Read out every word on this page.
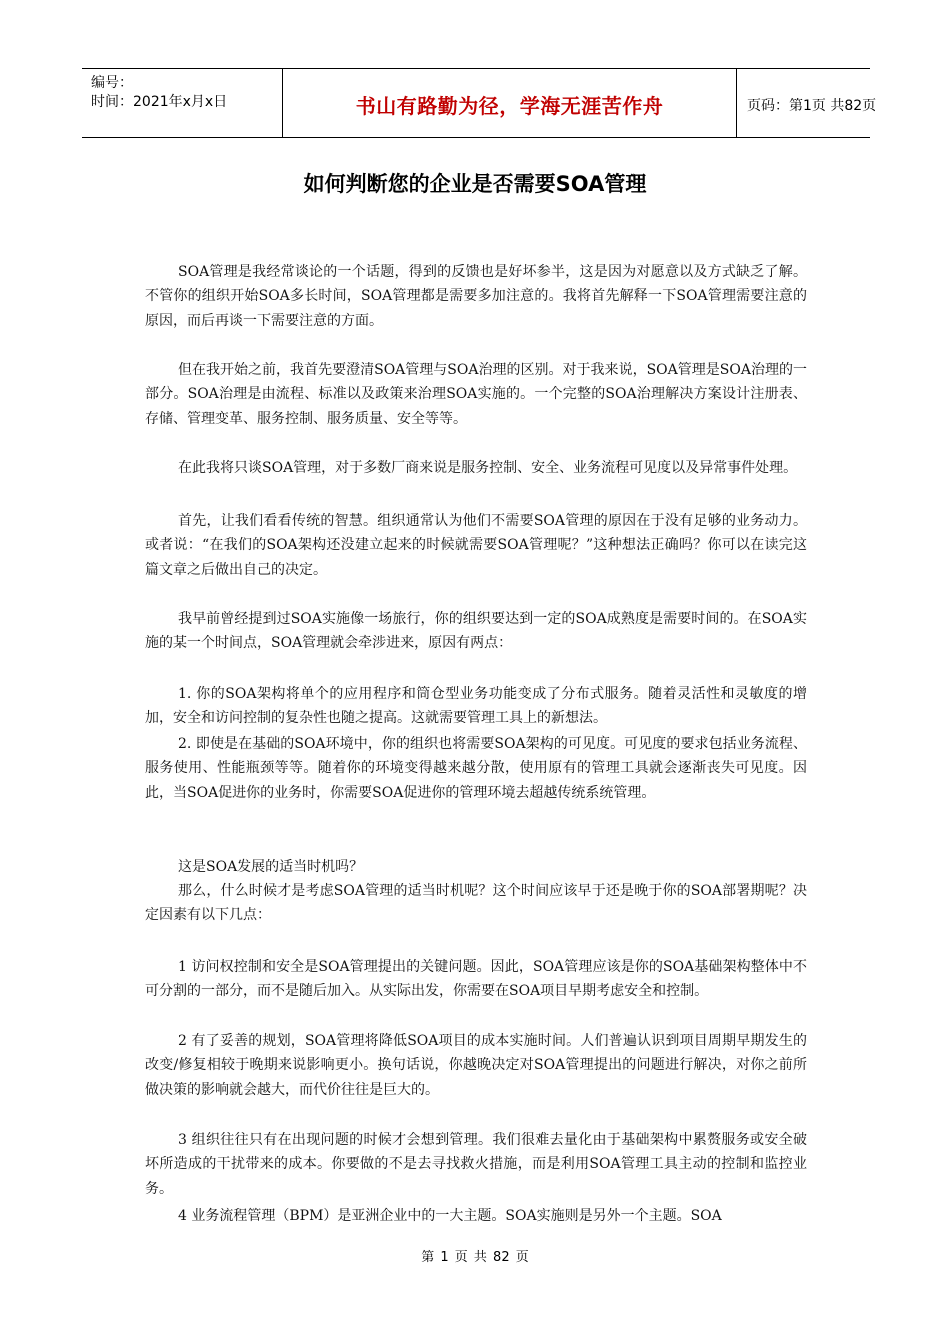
编号：
时间：2021年x月x日	书山有路勤为径，学海无涯苦作舟	页码：第1页 共82页
如何判断您的企业是否需要SOA管理

SOA管理是我经常谈论的一个话题，得到的反馈也是好坏参半，这是因为对愿意以及方式缺乏了解。不管你的组织开始SOA多长时间，SOA管理都是需要多加注意的。我将首先解释一下SOA管理需要注意的原因，而后再谈一下需要注意的方面。

但在我开始之前，我首先要澄清SOA管理与SOA治理的区别。对于我来说，SOA管理是SOA治理的一部分。SOA治理是由流程、标准以及政策来治理SOA实施的。一个完整的SOA治理解决方案设计注册表、存储、管理变革、服务控制、服务质量、安全等等。

在此我将只谈SOA管理，对于多数厂商来说是服务控制、安全、业务流程可见度以及异常事件处理。

首先，让我们看看传统的智慧。组织通常认为他们不需要SOA管理的原因在于没有足够的业务动力。或者说：“在我们的SOA架构还没建立起来的时候就需要SOA管理呢？”这种想法正确吗？你可以在读完这篇文章之后做出自己的决定。

我早前曾经提到过SOA实施像一场旅行，你的组织要达到一定的SOA成熟度是需要时间的。在SOA实施的某一个时间点，SOA管理就会牵涉进来，原因有两点：

1. 你的SOA架构将单个的应用程序和筒仓型业务功能变成了分布式服务。随着灵活性和灵敏度的增加，安全和访问控制的复杂性也随之提高。这就需要管理工具上的新想法。

2. 即使是在基础的SOA环境中，你的组织也将需要SOA架构的可见度。可见度的要求包括业务流程、服务使用、性能瓶颈等等。随着你的环境变得越来越分散，使用原有的管理工具就会逐渐丧失可见度。因此，当SOA促进你的业务时，你需要SOA促进你的管理环境去超越传统系统管理。

这是SOA发展的适当时机吗？

那么，什么时候才是考虑SOA管理的适当时机呢？这个时间应该早于还是晚于你的SOA部署期呢？决定因素有以下几点：

1 访问权控制和安全是SOA管理提出的关键问题。因此，SOA管理应该是你的SOA基础架构整体中不可分割的一部分，而不是随后加入。从实际出发，你需要在SOA项目早期考虑安全和控制。

2 有了妥善的规划，SOA管理将降低SOA项目的成本实施时间。人们普遍认识到项目周期早期发生的改变/修复相较于晚期来说影响更小。换句话说，你越晚决定对SOA管理提出的问题进行解决，对你之前所做决策的影响就会越大，而代价往往是巨大的。

3 组织往往只有在出现问题的时候才会想到管理。我们很难去量化由于基础架构中累赘服务或安全破坏所造成的干扰带来的成本。你要做的不是去寻找救火措施，而是利用SOA管理工具主动的控制和监控业务。

4 业务流程管理（BPM）是亚洲企业中的一大主题。SOA实施则是另外一个主题。SOA

第 1 页 共 82 页
